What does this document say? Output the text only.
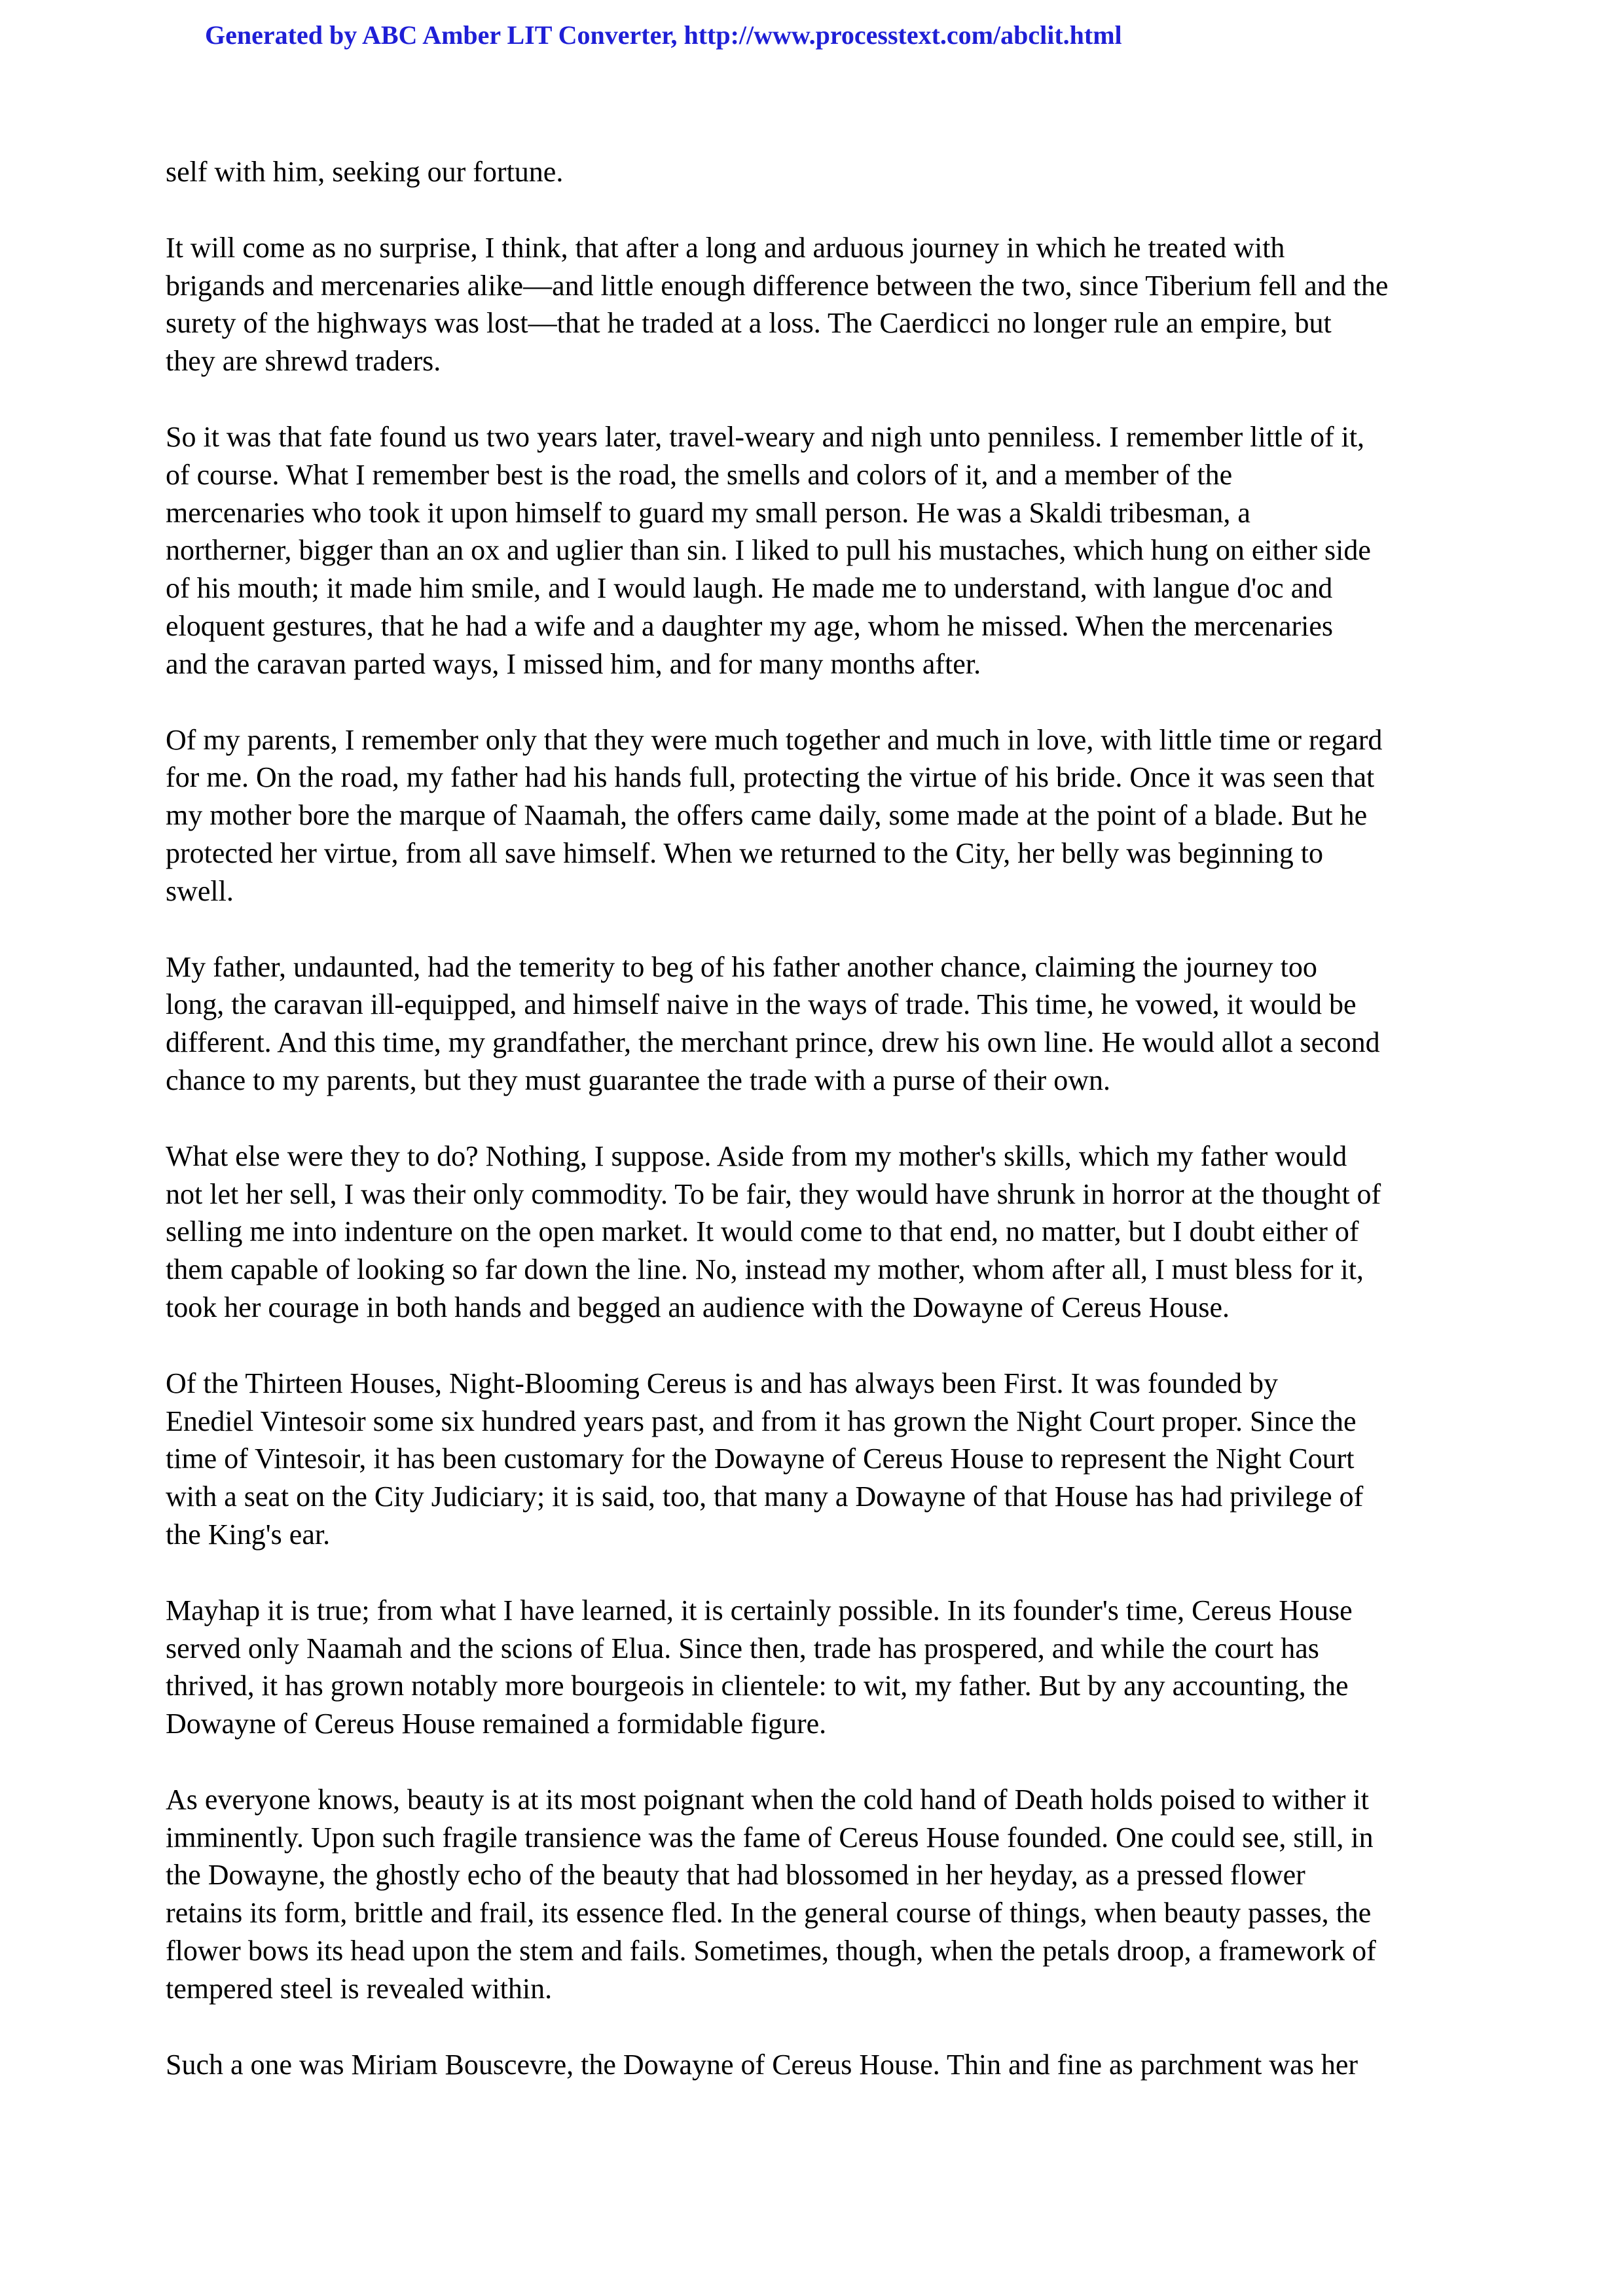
Generated by ABC Amber LIT Converter, http://www.processtext.com/abclit.html

self with him, seeking our fortune.

It will come as no surprise, I think, that after a long and arduous journey in which he treated with
brigands and mercenaries alike—and little enough difference between the two, since Tiberium fell and the
surety of the highways was lost—that he traded at a loss. The Caerdicci no longer rule an empire, but
they are shrewd traders.

So it was that fate found us two years later, travel-weary and nigh unto penniless. I remember little of it,
of course. What I remember best is the road, the smells and colors of it, and a member of the
mercenaries who took it upon himself to guard my small person. He was a Skaldi tribesman, a
northerner, bigger than an ox and uglier than sin. I liked to pull his mustaches, which hung on either side
of his mouth; it made him smile, and I would laugh. He made me to understand, with langue d'oc and
eloquent gestures, that he had a wife and a daughter my age, whom he missed. When the mercenaries
and the caravan parted ways, I missed him, and for many months after.

Of my parents, I remember only that they were much together and much in love, with little time or regard
for me. On the road, my father had his hands full, protecting the virtue of his bride. Once it was seen that
my mother bore the marque of Naamah, the offers came daily, some made at the point of a blade. But he
protected her virtue, from all save himself. When we returned to the City, her belly was beginning to
swell.

My father, undaunted, had the temerity to beg of his father another chance, claiming the journey too
long, the caravan ill-equipped, and himself naive in the ways of trade. This time, he vowed, it would be
different. And this time, my grandfather, the merchant prince, drew his own line. He would allot a second
chance to my parents, but they must guarantee the trade with a purse of their own.

What else were they to do? Nothing, I suppose. Aside from my mother's skills, which my father would
not let her sell, I was their only commodity. To be fair, they would have shrunk in horror at the thought of
selling me into indenture on the open market. It would come to that end, no matter, but I doubt either of
them capable of looking so far down the line. No, instead my mother, whom after all, I must bless for it,
took her courage in both hands and begged an audience with the Dowayne of Cereus House.

Of the Thirteen Houses, Night-Blooming Cereus is and has always been First. It was founded by
Enediel Vintesoir some six hundred years past, and from it has grown the Night Court proper. Since the
time of Vintesoir, it has been customary for the Dowayne of Cereus House to represent the Night Court
with a seat on the City Judiciary; it is said, too, that many a Dowayne of that House has had privilege of
the King's ear.

Mayhap it is true; from what I have learned, it is certainly possible. In its founder's time, Cereus House
served only Naamah and the scions of Elua. Since then, trade has prospered, and while the court has
thrived, it has grown notably more bourgeois in clientele: to wit, my father. But by any accounting, the
Dowayne of Cereus House remained a formidable figure.

As everyone knows, beauty is at its most poignant when the cold hand of Death holds poised to wither it
imminently. Upon such fragile transience was the fame of Cereus House founded. One could see, still, in
the Dowayne, the ghostly echo of the beauty that had blossomed in her heyday, as a pressed flower
retains its form, brittle and frail, its essence fled. In the general course of things, when beauty passes, the
flower bows its head upon the stem and fails. Sometimes, though, when the petals droop, a framework of
tempered steel is revealed within.

Such a one was Miriam Bouscevre, the Dowayne of Cereus House. Thin and fine as parchment was her
